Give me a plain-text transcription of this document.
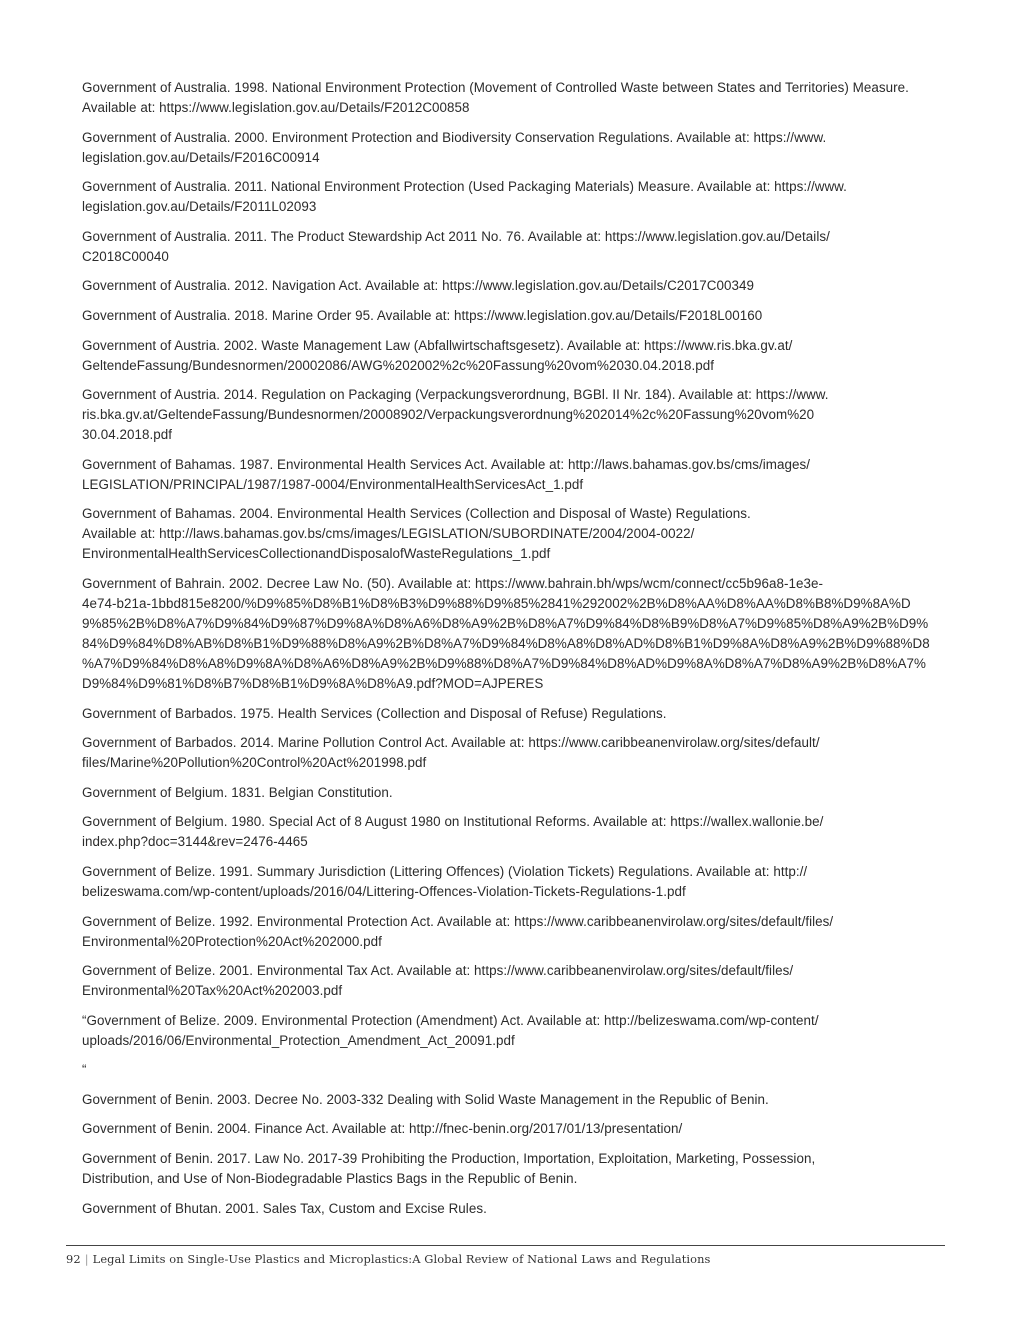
Government of Australia. 1998. National Environment Protection (Movement of Controlled Waste between States and Territories) Measure. Available at: https://www.legislation.gov.au/Details/F2012C00858

Government of Australia. 2000. Environment Protection and Biodiversity Conservation Regulations. Available at: https://www.
legislation.gov.au/Details/F2016C00914

Government of Australia. 2011. National Environment Protection (Used Packaging Materials) Measure. Available at: https://www.
legislation.gov.au/Details/F2011L02093

Government of Australia. 2011. The Product Stewardship Act 2011 No. 76. Available at: https://www.legislation.gov.au/Details/
C2018C00040

Government of Australia. 2012. Navigation Act. Available at: https://www.legislation.gov.au/Details/C2017C00349

Government of Australia. 2018. Marine Order 95. Available at: https://www.legislation.gov.au/Details/F2018L00160

Government of Austria. 2002. Waste Management Law (Abfallwirtschaftsgesetz). Available at: https://www.ris.bka.gv.at/
GeltendeFassung/Bundesnormen/20002086/AWG%202002%2c%20Fassung%20vom%2030.04.2018.pdf

Government of Austria. 2014. Regulation on Packaging (Verpackungsverordnung, BGBl. II Nr. 184). Available at: https://www.
ris.bka.gv.at/GeltendeFassung/Bundesnormen/20008902/Verpackungsverordnung%202014%2c%20Fassung%20vom%20
30.04.2018.pdf

Government of Bahamas. 1987. Environmental Health Services Act. Available at: http://laws.bahamas.gov.bs/cms/images/
LEGISLATION/PRINCIPAL/1987/1987-0004/EnvironmentalHealthServicesAct_1.pdf

Government of Bahamas. 2004. Environmental Health Services (Collection and Disposal of Waste) Regulations.
Available at: http://laws.bahamas.gov.bs/cms/images/LEGISLATION/SUBORDINATE/2004/2004-0022/
EnvironmentalHealthServicesCollectionandDisposalofWasteRegulations_1.pdf

Government of Bahrain. 2002. Decree Law No. (50). Available at: https://www.bahrain.bh/wps/wcm/connect/cc5b96a8-1e3e-
4e74-b21a-1bbd815e8200/%D9%85%D8%B1%D8%B3%D9%88%D9%85%2841%292002%2B%D8%AA%D8%AA%D8%B8%D9%8A%D
9%85%2B%D8%A7%D9%84%D9%87%D9%8A%D8%A6%D8%A9%2B%D8%A7%D9%84%D8%B9%D8%A7%D9%85%D8%A9%2B%D9%
84%D9%84%D8%AB%D8%B1%D9%88%D8%A9%2B%D8%A7%D9%84%D8%A8%D8%AD%D8%B1%D9%8A%D8%A9%2B%D9%88%D8
%A7%D9%84%D8%A8%D9%8A%D8%A6%D8%A9%2B%D9%88%D8%A7%D9%84%D8%AD%D9%8A%D8%A7%D8%A9%2B%D8%A7%
D9%84%D9%81%D8%B7%D8%B1%D9%8A%D8%A9.pdf?MOD=AJPERES

Government of Barbados. 1975. Health Services (Collection and Disposal of Refuse) Regulations.

Government of Barbados. 2014. Marine Pollution Control Act. Available at: https://www.caribbeanenvirolaw.org/sites/default/
files/Marine%20Pollution%20Control%20Act%201998.pdf

Government of Belgium. 1831. Belgian Constitution.

Government of Belgium. 1980. Special Act of 8 August 1980 on Institutional Reforms. Available at: https://wallex.wallonie.be/
index.php?doc=3144&rev=2476-4465

Government of Belize. 1991. Summary Jurisdiction (Littering Offences) (Violation Tickets) Regulations. Available at: http://
belizeswama.com/wp-content/uploads/2016/04/Littering-Offences-Violation-Tickets-Regulations-1.pdf

Government of Belize. 1992. Environmental Protection Act. Available at: https://www.caribbeanenvirolaw.org/sites/default/files/
Environmental%20Protection%20Act%202000.pdf

Government of Belize. 2001. Environmental Tax Act. Available at: https://www.caribbeanenvirolaw.org/sites/default/files/
Environmental%20Tax%20Act%202003.pdf

“Government of Belize. 2009. Environmental Protection (Amendment) Act. Available at: http://belizeswama.com/wp-content/
uploads/2016/06/Environmental_Protection_Amendment_Act_20091.pdf

“

Government of Benin. 2003. Decree No. 2003-332 Dealing with Solid Waste Management in the Republic of Benin.

Government of Benin. 2004. Finance Act. Available at: http://fnec-benin.org/2017/01/13/presentation/

Government of Benin. 2017. Law No. 2017-39 Prohibiting the Production, Importation, Exploitation, Marketing, Possession,
Distribution, and Use of Non-Biodegradable Plastics Bags in the Republic of Benin.

Government of Bhutan. 2001. Sales Tax, Custom and Excise Rules.

92 | Legal Limits on Single-Use Plastics and Microplastics:A Global Review of National Laws and Regulations
